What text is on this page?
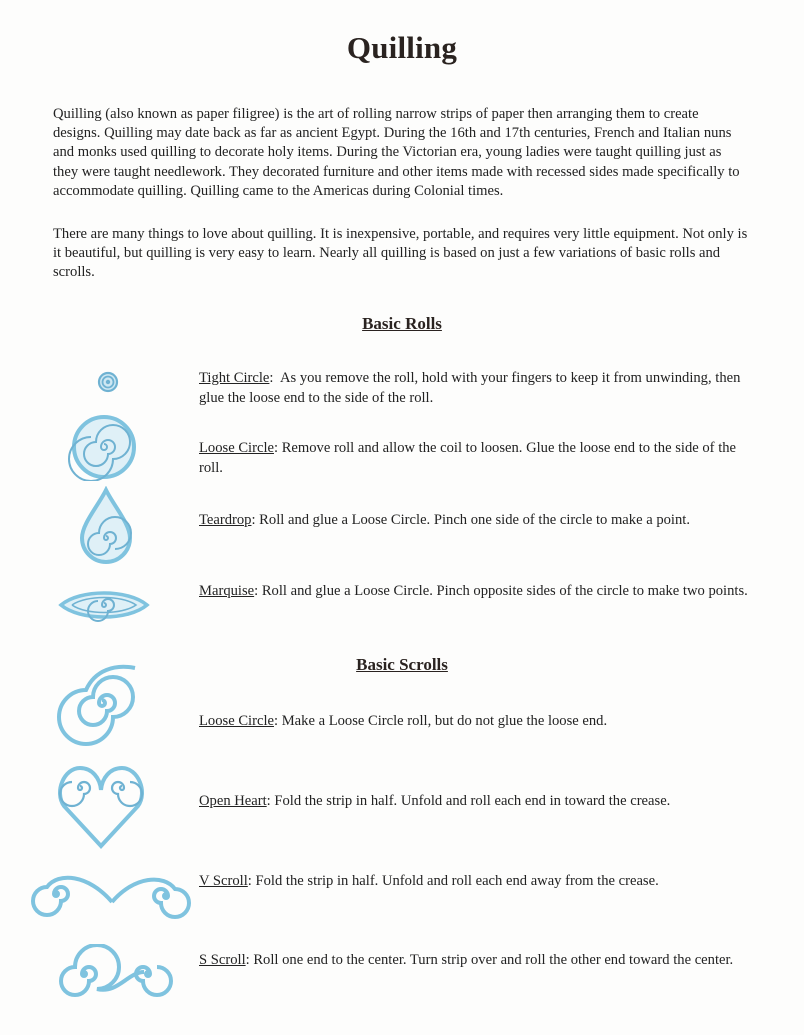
Quilling

Quilling (also known as paper filigree) is the art of rolling narrow strips of paper then arranging them to create designs. Quilling may date back as far as ancient Egypt. During the 16th and 17th centuries, French and Italian nuns and monks used quilling to decorate holy items. During the Victorian era, young ladies were taught quilling just as they were taught needlework. They decorated furniture and other items made with recessed sides made specifically to accommodate quilling. Quilling came to the Americas during Colonial times.

There are many things to love about quilling. It is inexpensive, portable, and requires very little equipment. Not only is it beautiful, but quilling is very easy to learn. Nearly all quilling is based on just a few variations of basic rolls and scrolls.

Basic Rolls
Tight Circle:  As you remove the roll, hold with your fingers to keep it from unwinding, then glue the loose end to the side of the roll.
Loose Circle: Remove roll and allow the coil to loosen. Glue the loose end to the side of the roll.
Teardrop: Roll and glue a Loose Circle. Pinch one side of the circle to make a point.
Marquise: Roll and glue a Loose Circle. Pinch opposite sides of the circle to make two points.
Basic Scrolls
Loose Circle: Make a Loose Circle roll, but do not glue the loose end.
Open Heart: Fold the strip in half. Unfold and roll each end in toward the crease.
V Scroll: Fold the strip in half. Unfold and roll each end away from the crease.
S Scroll: Roll one end to the center. Turn strip over and roll the other end toward the center.
